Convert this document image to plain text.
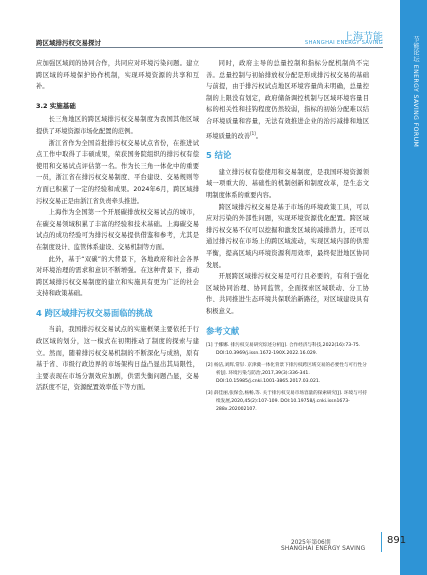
跨区域排污权交易探讨	上海节能
SHANGHAI ENERGY SAVING	节能论坛 ENERGY SAVING FORUM

应加强区域间的协同合作，共同应对环境污染问题。建立跨区域的环境保护协作机制，实现环境资源的共享和互补。

3.2 实施基础

长三角地区的跨区域排污权交易制度为我国其他区域提供了环境资源市场化配置的范例。

浙江省作为全国首批排污权交易试点省份，在推进试点工作中取得了丰硕成果，荣获国务院组织的排污权有偿使用和交易试点评估第一名。作为长三角一体化中的重要一员，浙江省在排污权交易制度、平台建设、交易规则等方面已积累了一定的经验和成果。2024年6月，跨区域排污权交易正是由浙江省负责牵头推进。

上海作为全国第一个开展碳排放权交易试点的城市，在碳交易领域积累了丰富的经验和技术基础。上海碳交易试点的成功经验可为排污权交易提供借鉴和参考，尤其是在制度设计、监管体系建设、交易机制等方面。

此外，基于“双碳”的大背景下，各地政府和社会各界对环境治理的需求和意识不断增强。在这种背景下，推动跨区域排污权交易制度的建立和实施具有更为广泛的社会支持和政策基础。

4 跨区域排污权交易面临的挑战

当前，我国排污权交易试点的实施框架主要依托于行政区域的划分，这一模式在初期推动了制度的探索与建立。然而，随着排污权交易机制的不断深化与成熟，原有基于省、市级行政边界的市场架构日益凸显出其局限性，主要表现在市场分割效应加剧，供需失衡问题凸显，交易活跃度不足，资源配置效率低下等方面。

同时，政府主导的总量控制和指标分配机制尚不完善。总量控制与初始排放权分配是形成排污权交易的基础与前提，由于排污权试点地区环境容量尚未明确，总量控制的上限没有划定，政府储备调控机制与区域环境容量目标的相关性和挂钩程度仍然较弱，指标的初始分配难以结合环境质量和容量，无法有效推进企业的治污减排和地区环境质量的改善[1]。

5 结论

建立排污权有偿使用和交易制度，是我国环境资源领域一项重大的、基础性的机制创新和制度改革，是生态文明制度体系的重要内容。

跨区域排污权交易是基于市场的环境政策工具，可以应对污染的外部性问题，实现环境资源优化配置。跨区域排污权交易不仅可以挖掘和激发区域的减排潜力，还可以通过排污权在市场上的跨区域流动，实现区域内部的供需平衡，提高区域内环境资源利用效率，最终促进地区协同发展。

开展跨区域排污权交易是可行且必要的，有利于强化区域协同治理、协同监管，全面探索区域联动、分工协作、共同推进生态环境共保联治新路径，对区域建设具有积极意义。

参考文献
[1] 于娜娜. 排污权交易研究综述分析[J]. 合作经济与科技,2022(16):73-75. DOI:10.3969/j.issn.1672-190X.2022.16.029.
[2] 杨洁,刘辉,常钐. 京津冀一体化背景下排污权跨区域交易的必要性与可行性分析[J]. 环境污染与防治,2017,39(3):336-341. DOI:10.15985/j.cnki.1001-3865.2017.03.021.
[3] 薛佳丽,张保会,杨畅,等. 关于排污权交易市场容量的探索研究[J]. 环境与可持续发展,2020,45(2):107-109. DOI:10.19758/j.cnki.issn1673-288x.202002107.
2025年第06期
SHANGHAI ENERGY SAVING
891
